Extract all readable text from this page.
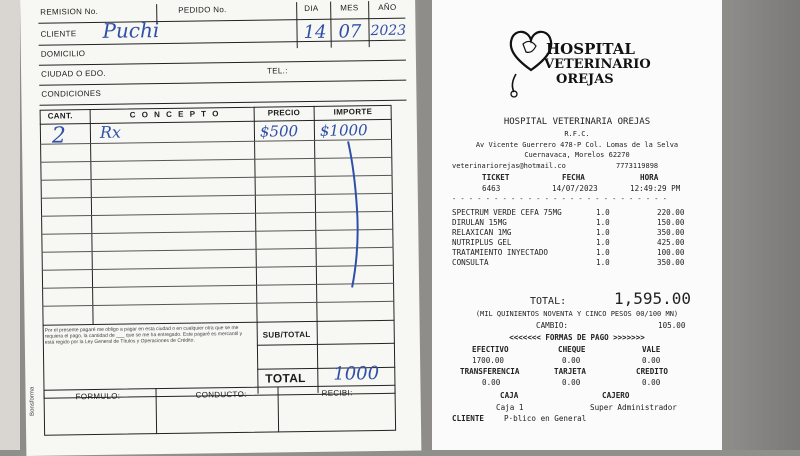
REMISION No.	PEDIDO No.	DIA	MES AÑO
CLIENTE Puchi	14 07 2023
DOMICILIO
CIUDAD O EDO.	TEL.:
CONDICIONES
CANT.	C O N C E P T O	PRECIO	IMPORTE
2 Rx	$500 $1000
Por el presente pagaré me obligo a pagar en esta ciudad o en cualquier otra que se me requiera el pago, la cantidad de ___ que se me ha entregado. Este pagaré es mercantil y está regido por la Ley General de Títulos y Operaciones de Crédito.
SUB/TOTAL
TOTAL 1000
FORMULO:	CONDUCTO:	RECIBI:
Bonsforma
HOSPITAL
VETERINARIO
OREJAS
HOSPITAL VETERINARIA OREJAS
R.F.C.
Av Vicente Guerrero 478-P Col. Lomas de la Selva
Cuernavaca, Morelos 62270
veterinariorejas@hotmail.co	7773119898
TICKET	FECHA	HORA
6463	14/07/2023	12:49:29 PM
- - - - - - - - - - - - - - - - - - - - - - - - - -
SPECTRUM VERDE CEFA 75MG	1.0	220.00
DIRULAN 15MG	1.0	150.00
RELAXICAN 1MG	1.0	350.00
NUTRIPLUS GEL	1.0	425.00
TRATAMIENTO INYECTADO	1.0	100.00
CONSULTA	1.0	350.00
TOTAL:	1,595.00
(MIL QUINIENTOS NOVENTA Y CINCO PESOS 00/100 MN)
CAMBIO:	105.00
<<<<<<< FORMAS DE PAGO >>>>>>>
EFECTIVO	CHEQUE	VALE
1700.00	0.00	0.00
TRANSFERENCIA	TARJETA	CREDITO
0.00	0.00	0.00
CAJA	CAJERO
Caja 1	Super Administrador
CLIENTE	P·blico en General
